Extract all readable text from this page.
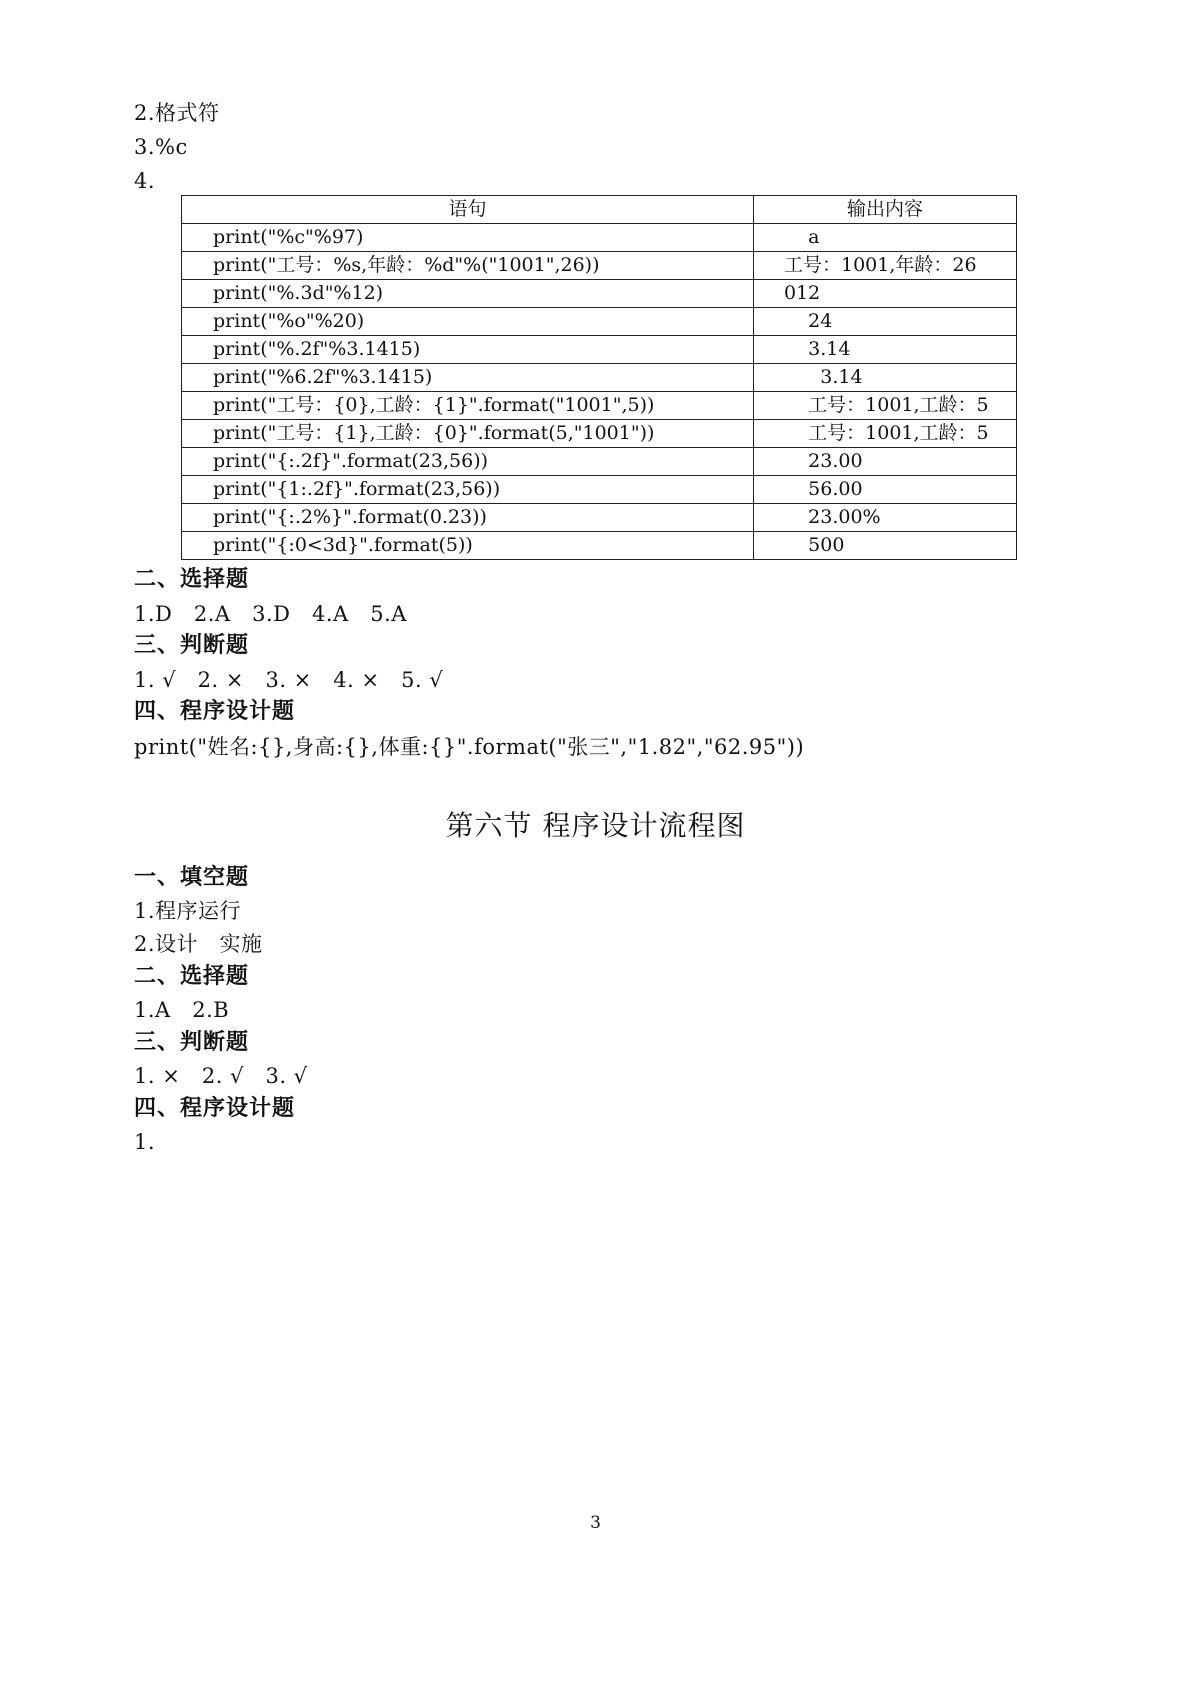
2.格式符
3.%c
4.
语句	输出内容
print("%c"%97)	a
print("工号：%s,年龄：%d"%("1001",26))	工号：1001,年龄：26
print("%.3d"%12)	012
print("%o"%20)	24
print("%.2f"%3.1415)	3.14
print("%6.2f"%3.1415)	3.14
print("工号：{0},工龄：{1}".format("1001",5))	工号：1001,工龄：5
print("工号：{1},工龄：{0}".format(5,"1001"))	工号：1001,工龄：5
print("{:.2f}".format(23,56))	23.00
print("{1:.2f}".format(23,56))	56.00
print("{:.2%}".format(0.23))	23.00%
print("{:0<3d}".format(5))	500
二、选择题
1.D   2.A   3.D   4.A   5.A
三、判断题
1. √   2. ×   3. ×   4. ×   5. √
四、程序设计题
print("姓名:{},身高:{},体重:{}".format("张三","1.82","62.95"))
第六节 程序设计流程图
一、填空题
1.程序运行
2.设计   实施
二、选择题
1.A   2.B
三、判断题
1. ×   2. √   3. √
四、程序设计题
1.
3
